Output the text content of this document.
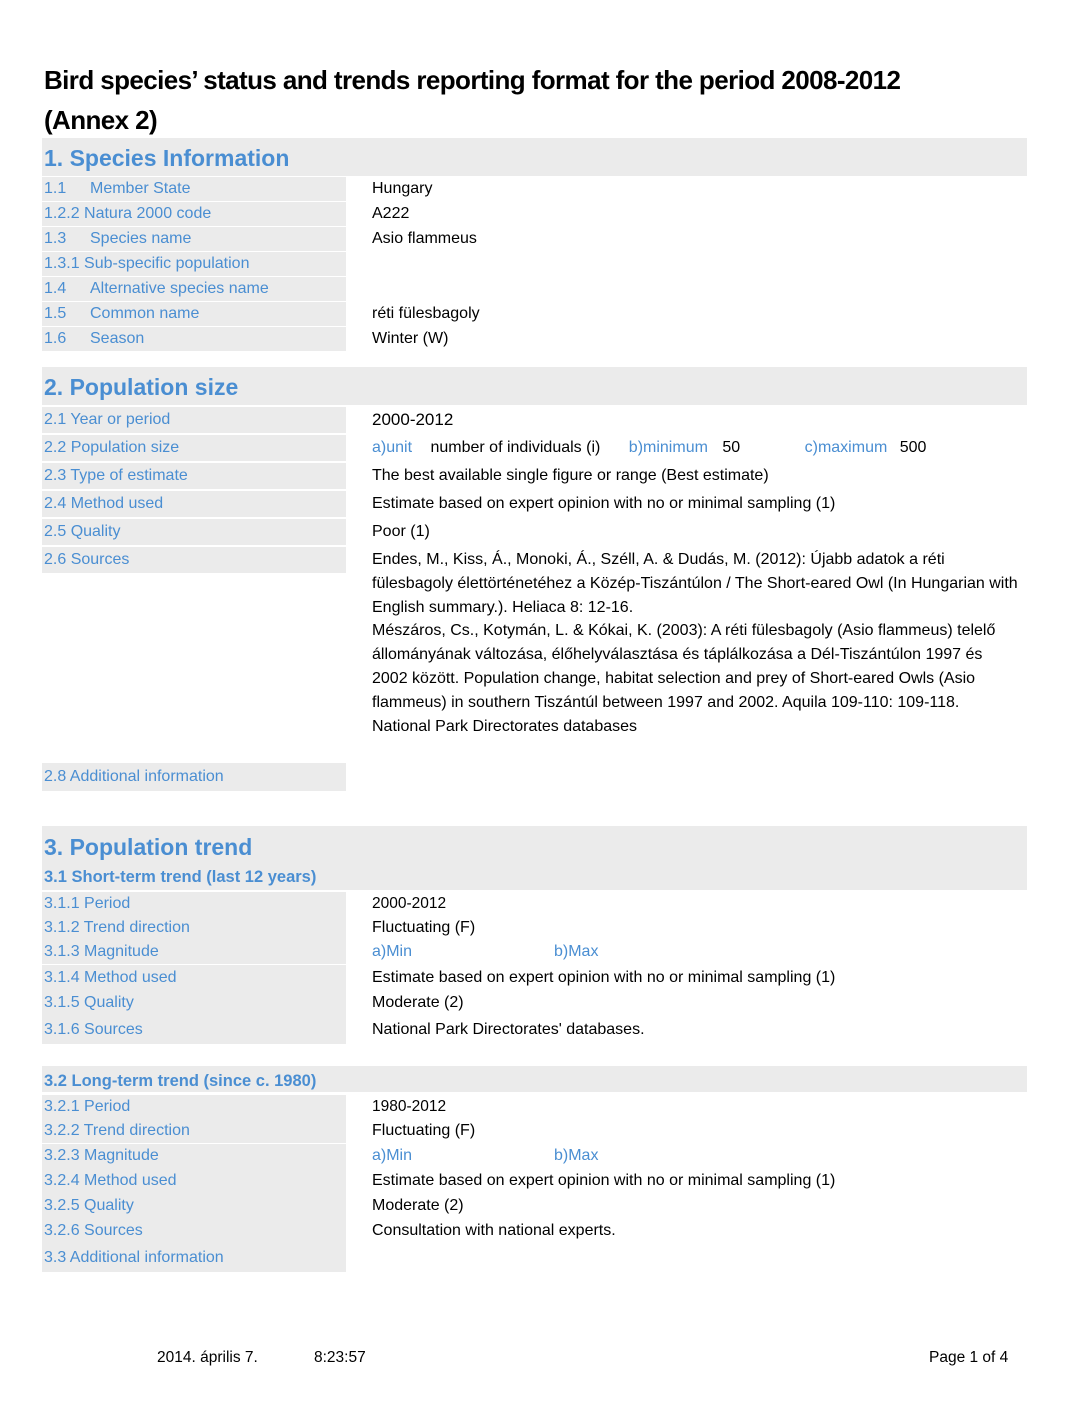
Bird species’ status and trends reporting format for the period 2008-2012
(Annex 2)
1. Species Information
1.1 Member State	Hungary
1.2.2 Natura 2000 code	A222
1.3 Species name	Asio flammeus
1.3.1 Sub-specific population
1.4 Alternative species name
1.5 Common name	réti fülesbagoly
1.6 Season	Winter (W)
2. Population size
2.1 Year or period	2000-2012
2.2 Population size	a)unit number of individuals (i) b)minimum 50	c)maximum 500
2.3 Type of estimate	The best available single figure or range (Best estimate)
2.4 Method used	Estimate based on expert opinion with no or minimal sampling (1)
2.5 Quality	Poor (1)
2.6 Sources	Endes, M., Kiss, Á., Monoki, Á., Széll, A. & Dudás, M. (2012): Újabb adatok a réti fülesbagoly élettörténetéhez a Közép-Tiszántúlon / The Short-eared Owl (In Hungarian with English summary.). Heliaca 8: 12-16.

Mészáros, Cs., Kotymán, L. & Kókai, K. (2003): A réti fülesbagoly (Asio flammeus) telelő állományának változása, élőhelyválasztása és táplálkozása a Dél-Tiszántúlon 1997 és 2002 között. Population change, habitat selection and prey of Short-eared Owls (Asio flammeus) in southern Tiszántúl between 1997 and 2002. Aquila 109-110: 109-118.

National Park Directorates databases

2.8 Additional information
3. Population trend
3.1 Short-term trend (last 12 years)
3.1.1 Period	2000-2012
3.1.2 Trend direction	Fluctuating (F)
3.1.3 Magnitude	a)Min	b)Max
3.1.4 Method used	Estimate based on expert opinion with no or minimal sampling (1)
3.1.5 Quality	Moderate (2)
3.1.6 Sources	National Park Directorates' databases.
3.2 Long-term trend (since c. 1980)
3.2.1 Period	1980-2012
3.2.2 Trend direction	Fluctuating (F)
3.2.3 Magnitude	a)Min	b)Max
3.2.4 Method used	Estimate based on expert opinion with no or minimal sampling (1)
3.2.5 Quality	Moderate (2)
3.2.6 Sources	Consultation with national experts.
3.3 Additional information
2014. április 7.	8:23:57	Page 1 of 4
